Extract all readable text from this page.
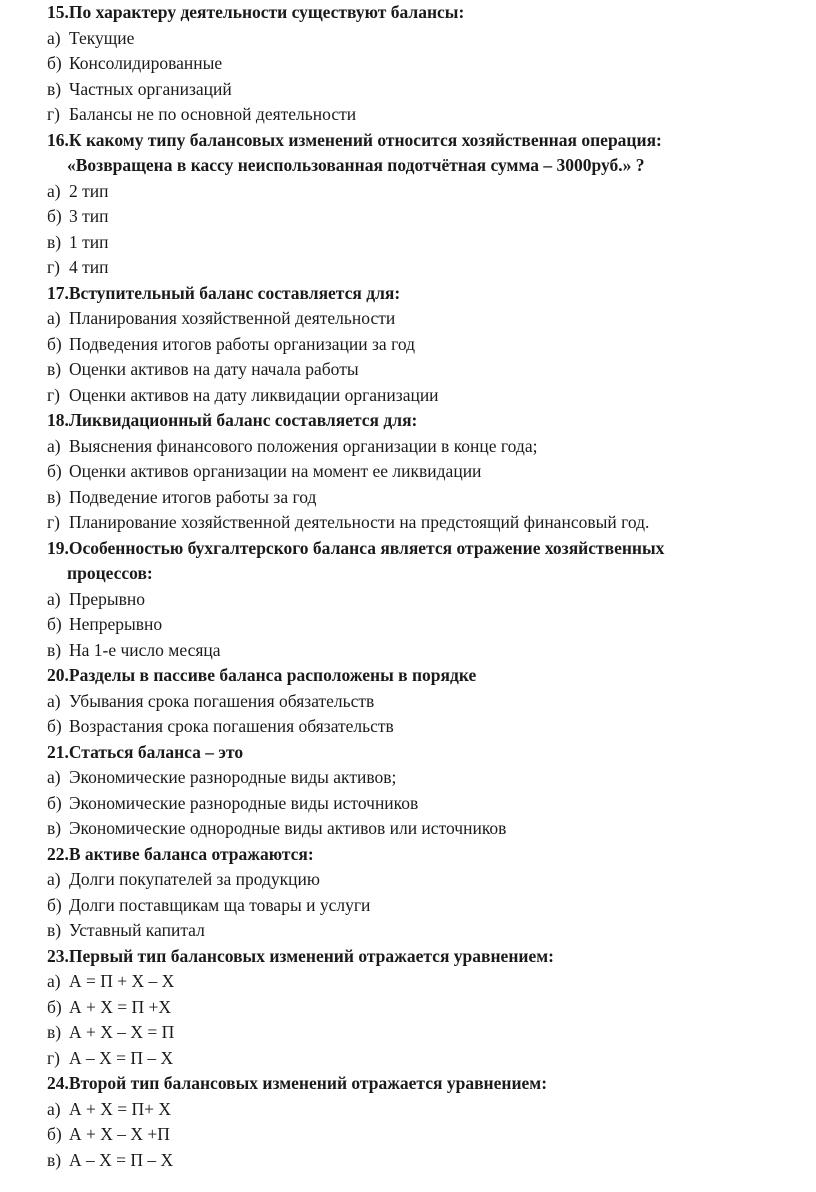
15. По характеру деятельности существуют балансы:
а) Текущие
б) Консолидированные
в) Частных организаций
г) Балансы не по основной деятельности
16. К какому типу балансовых изменений относится хозяйственная операция:
«Возвращена в кассу неиспользованная подотчётная сумма – 3000руб.» ?
а) 2 тип
б) 3 тип
в) 1 тип
г) 4 тип
17. Вступительный баланс составляется для:
а) Планирования хозяйственной деятельности
б) Подведения итогов работы организации за год
в) Оценки активов на дату начала работы
г) Оценки активов на дату ликвидации организации
18. Ликвидационный баланс составляется для:
а) Выяснения финансового положения организации в конце года;
б) Оценки активов организации на момент ее ликвидации
в) Подведение итогов работы за год
г) Планирование хозяйственной деятельности на предстоящий финансовый год.
19. Особенностью бухгалтерского баланса является отражение хозяйственных
процессов:
а) Прерывно
б) Непрерывно
в) На 1-е число месяца
20. Разделы в пассиве баланса расположены в порядке
а) Убывания срока погашения обязательств
б) Возрастания срока погашения обязательств
21. Статься баланса – это
а) Экономические разнородные виды активов;
б) Экономические разнородные виды источников
в) Экономические однородные виды активов или источников
22. В активе баланса отражаются:
а) Долги покупателей за продукцию
б) Долги поставщикам ща товары и услуги
в) Уставный капитал
23. Первый тип балансовых изменений отражается уравнением:
а) А = П + Х – Х
б) А + Х = П +Х
в) А + Х – Х = П
г) А – Х = П – Х
24. Второй тип балансовых изменений отражается уравнением:
а) А + Х = П+ Х
б) А + Х – Х +П
в) А – Х = П – Х
